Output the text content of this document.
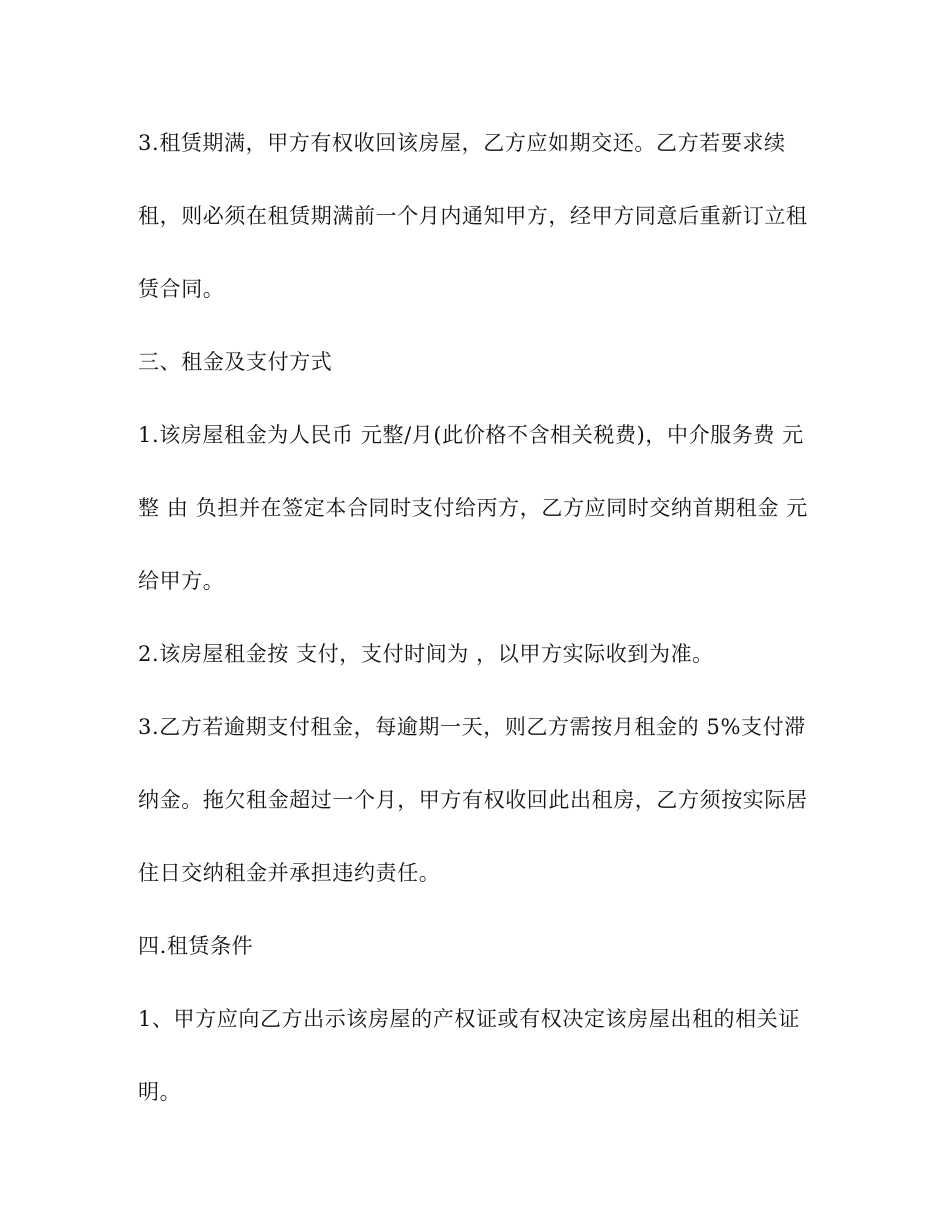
3.租赁期满，甲方有权收回该房屋，乙方应如期交还。乙方若要求续
租，则必须在租赁期满前一个月内通知甲方，经甲方同意后重新订立租
赁合同。
三、租金及支付方式
1.该房屋租金为人民币 元整/月(此价格不含相关税费)，中介服务费 元
整 由 负担并在签定本合同时支付给丙方，乙方应同时交纳首期租金 元
给甲方。
2.该房屋租金按 支付，支付时间为 ，以甲方实际收到为准。
3.乙方若逾期支付租金，每逾期一天，则乙方需按月租金的 5%支付滞
纳金。拖欠租金超过一个月，甲方有权收回此出租房，乙方须按实际居
住日交纳租金并承担违约责任。
四.租赁条件
1、甲方应向乙方出示该房屋的产权证或有权决定该房屋出租的相关证
明。
